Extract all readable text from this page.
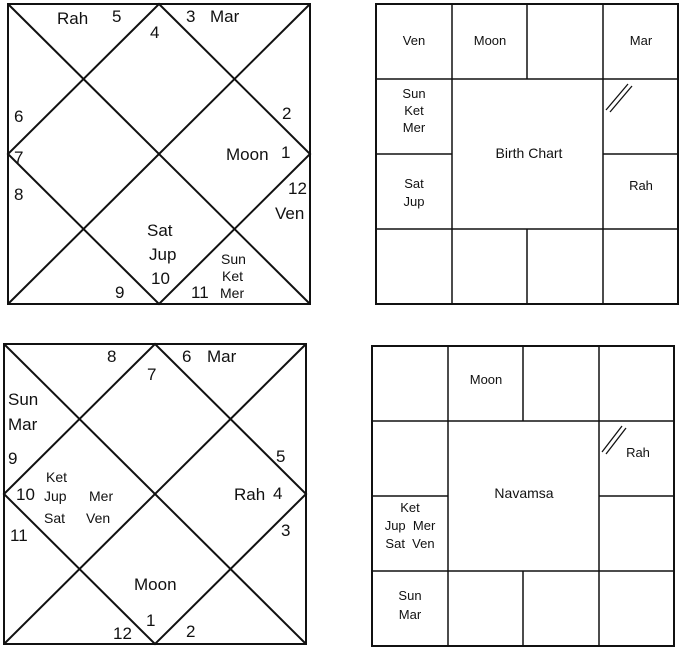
4
Rah 5
6
7
8
9
Sat
Jup
10
Sun
Ket
11 Mer
12
Ven
Moon 1
2
3 Mar
7
8
Sun
Mar
9
Ket
10 Jup Mer
Sat Ven
11
12
Moon
1
2
3
Rah 4
5
6 Mar
Ven	Moon	Mar
Sun
Ket
Mer
Sat
Jup
Rah
Birth Chart
Moon
Rah
Ket
Jup  Mer
Sat  Ven
Sun
Mar
Navamsa
